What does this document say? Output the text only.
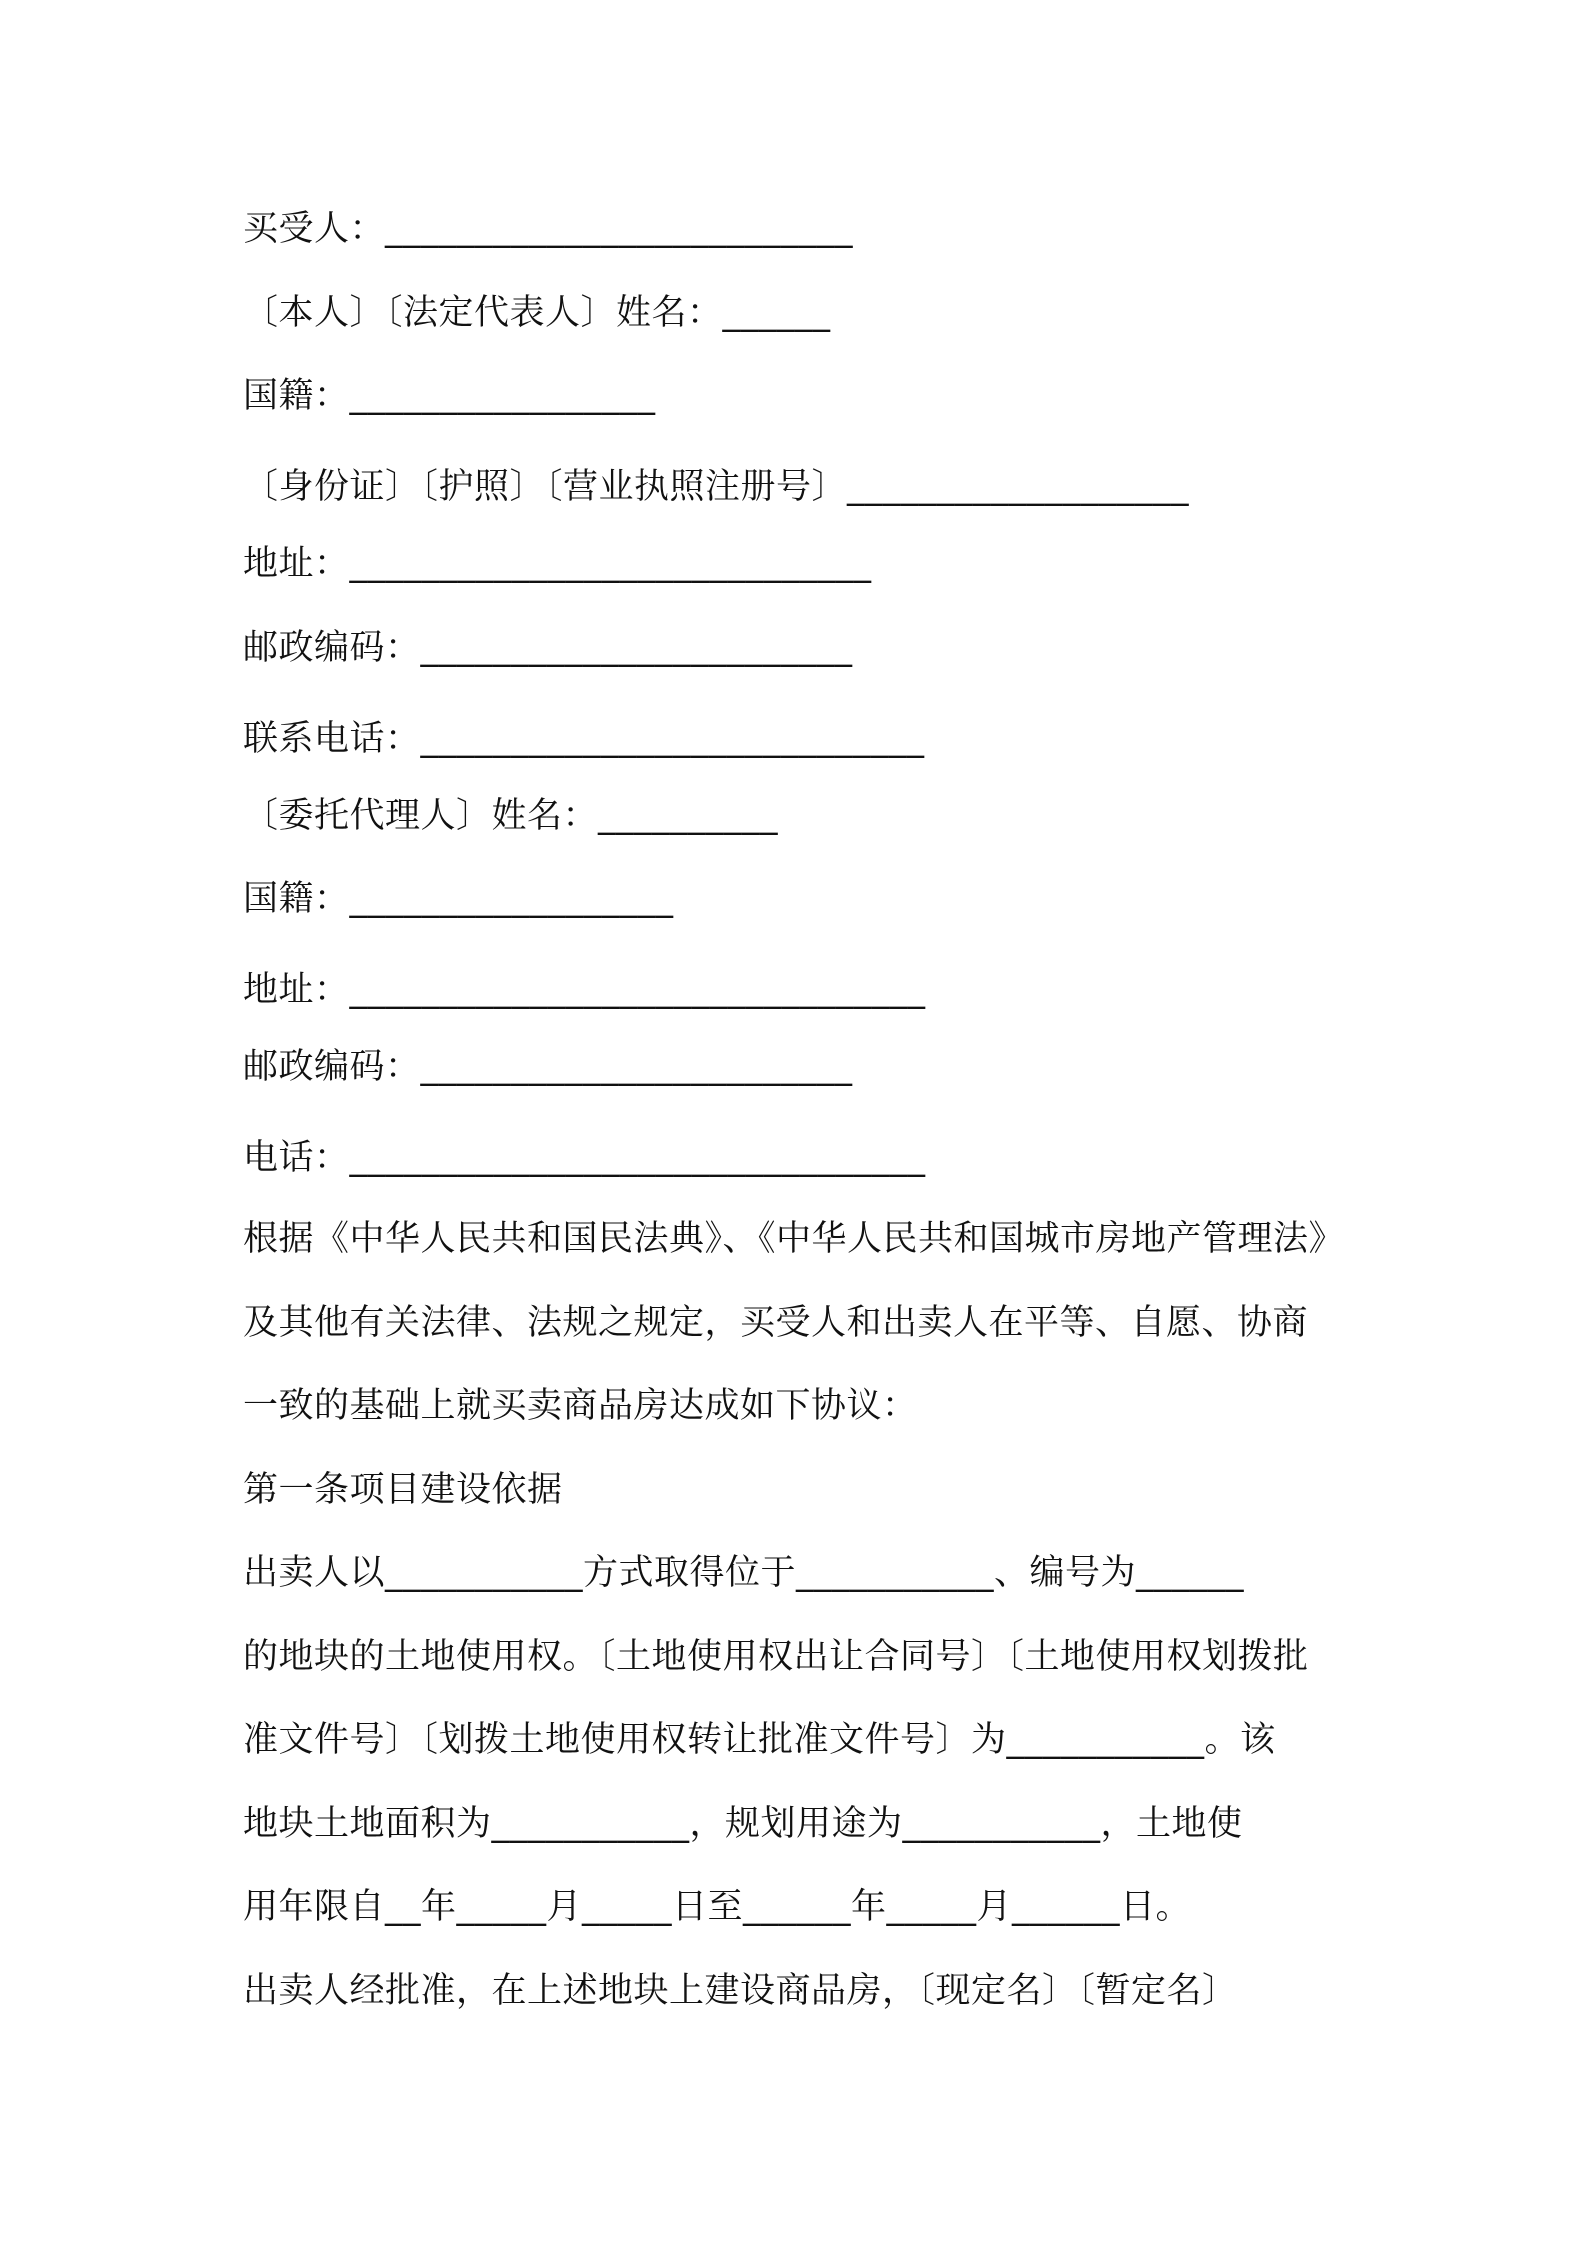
买受人：__________________________
〔本人〕〔法定代表人〕姓名：______
国籍：_________________
〔身份证〕〔护照〕〔营业执照注册号〕___________________
地址：_____________________________
邮政编码：________________________
联系电话：____________________________
〔委托代理人〕姓名：__________
国籍：__________________
地址：________________________________
邮政编码：________________________
电话：________________________________
根据《中华人民共和国民法典》、《中华人民共和国城市房地产管理法》
及其他有关法律、法规之规定，买受人和出卖人在平等、自愿、协商
一致的基础上就买卖商品房达成如下协议：
第一条项目建设依据
出卖人以___________方式取得位于___________、编号为______
的地块的土地使用权。〔土地使用权出让合同号〕〔土地使用权划拨批
准文件号〕〔划拨土地使用权转让批准文件号〕为___________。该
地块土地面积为___________，规划用途为___________，土地使
用年限自__年_____月_____日至______年_____月______日。
出卖人经批准，在上述地块上建设商品房，〔现定名〕〔暂定名〕
